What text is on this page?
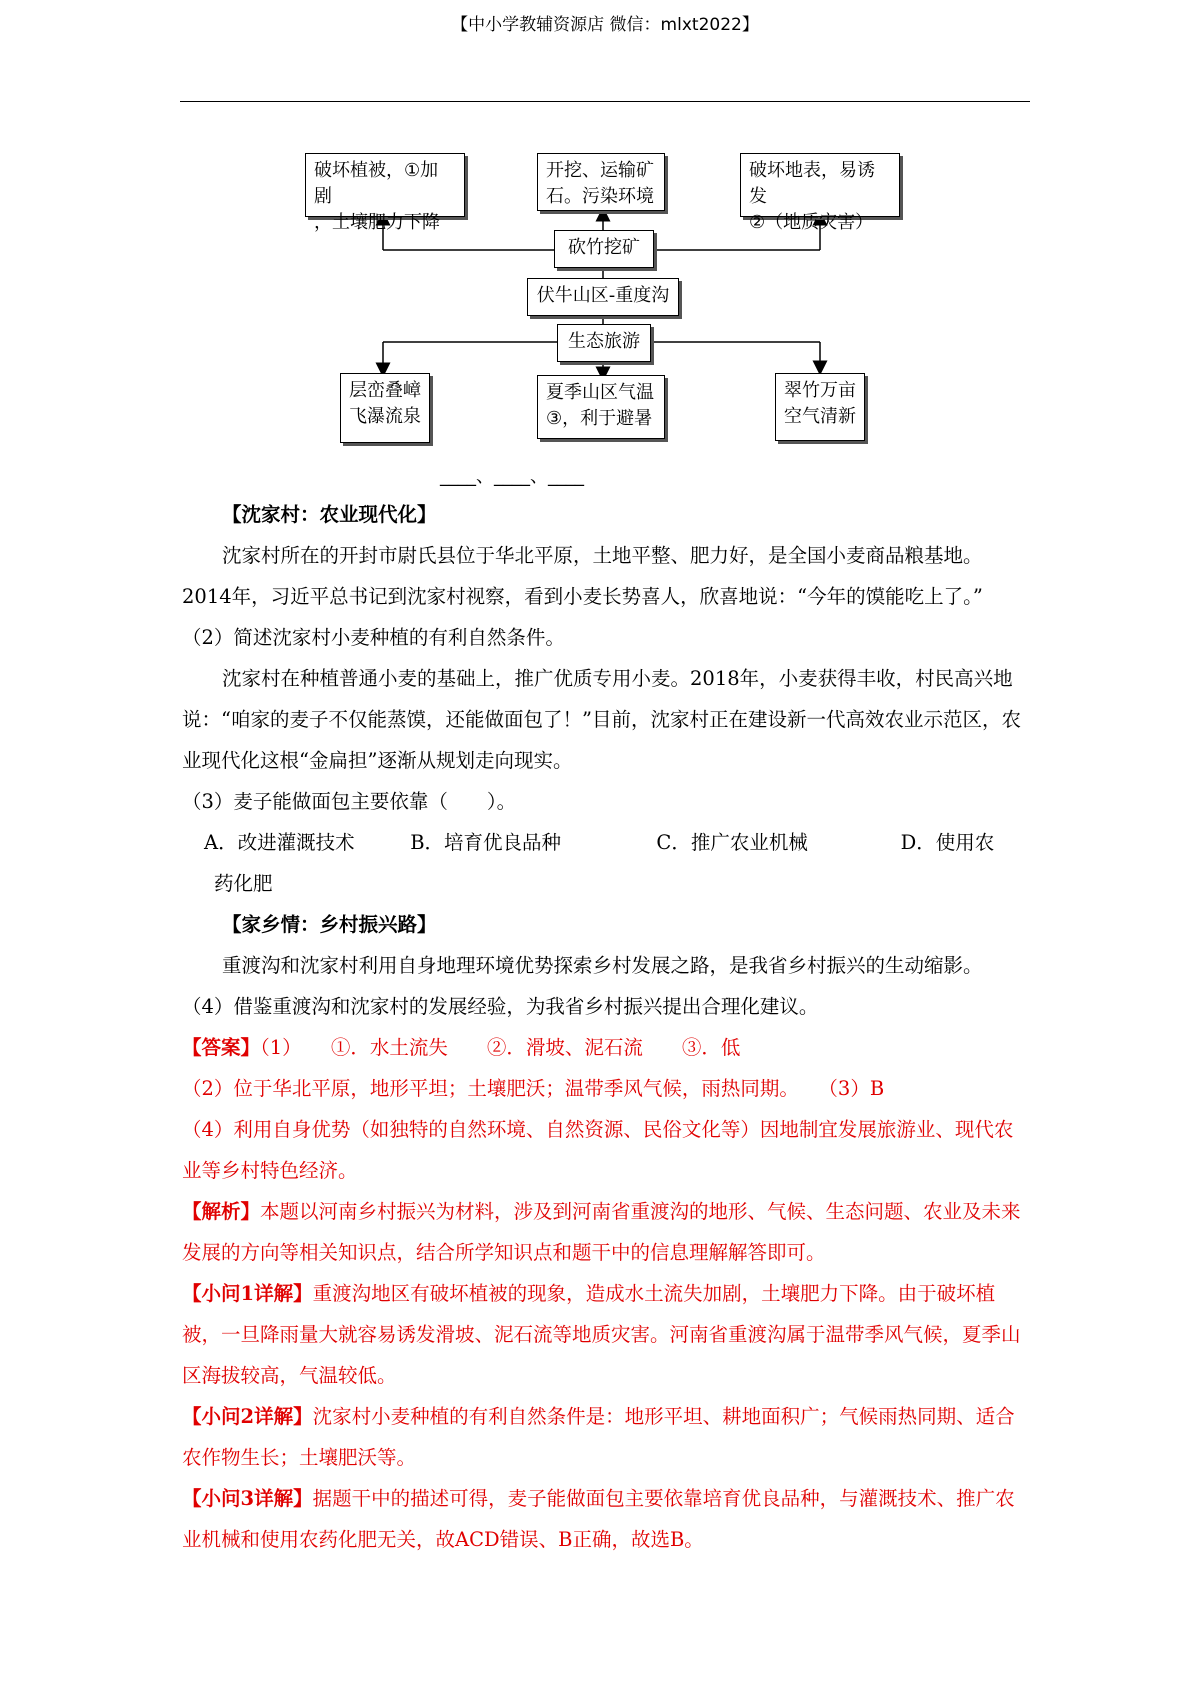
【中小学教辅资源店 微信：mlxt2022】
破坏植被，①加剧
，土壤肥力下降
开挖、运输矿
石。污染环境
破坏地表，易诱发
②（地质灾害）
砍竹挖矿
伏牛山区-重度沟
生态旅游
层峦叠嶂
飞瀑流泉
夏季山区气温
③，利于避暑
翠竹万亩
空气清新
____、____、____

【沈家村：农业现代化】

沈家村所在的开封市尉氏县位于华北平原，土地平整、肥力好，是全国小麦商品粮基地。2014年，习近平总书记到沈家村视察，看到小麦长势喜人，欣喜地说：“今年的馍能吃上了。”

（2）简述沈家村小麦种植的有利自然条件。

沈家村在种植普通小麦的基础上，推广优质专用小麦。2018年，小麦获得丰收，村民高兴地说：“咱家的麦子不仅能蒸馍，还能做面包了！”目前，沈家村正在建设新一代高效农业示范区，农业现代化这根“金扁担”逐渐从规划走向现实。

（3）麦子能做面包主要依靠（　　）。

A．改进灌溉技术	B．培育优良品种	C．推广农业机械	D．使用农

药化肥

【家乡情：乡村振兴路】

重渡沟和沈家村利用自身地理环境优势探索乡村发展之路，是我省乡村振兴的生动缩影。

（4）借鉴重渡沟和沈家村的发展经验，为我省乡村振兴提出合理化建议。

【答案】（1）　　①．水土流失　　②．滑坡、泥石流　　③．低

（2）位于华北平原，地形平坦；土壤肥沃；温带季风气候，雨热同期。　　（3）B

（4）利用自身优势（如独特的自然环境、自然资源、民俗文化等）因地制宜发展旅游业、现代农业等乡村特色经济。

【解析】本题以河南乡村振兴为材料，涉及到河南省重渡沟的地形、气候、生态问题、农业及未来发展的方向等相关知识点，结合所学知识点和题干中的信息理解解答即可。

【小问1详解】重渡沟地区有破坏植被的现象，造成水土流失加剧，土壤肥力下降。由于破坏植被，一旦降雨量大就容易诱发滑坡、泥石流等地质灾害。河南省重渡沟属于温带季风气候，夏季山区海拔较高，气温较低。

【小问2详解】沈家村小麦种植的有利自然条件是：地形平坦、耕地面积广；气候雨热同期、适合农作物生长；土壤肥沃等。

【小问3详解】据题干中的描述可得，麦子能做面包主要依靠培育优良品种，与灌溉技术、推广农业机械和使用农药化肥无关，故ACD错误、B正确，故选B。
